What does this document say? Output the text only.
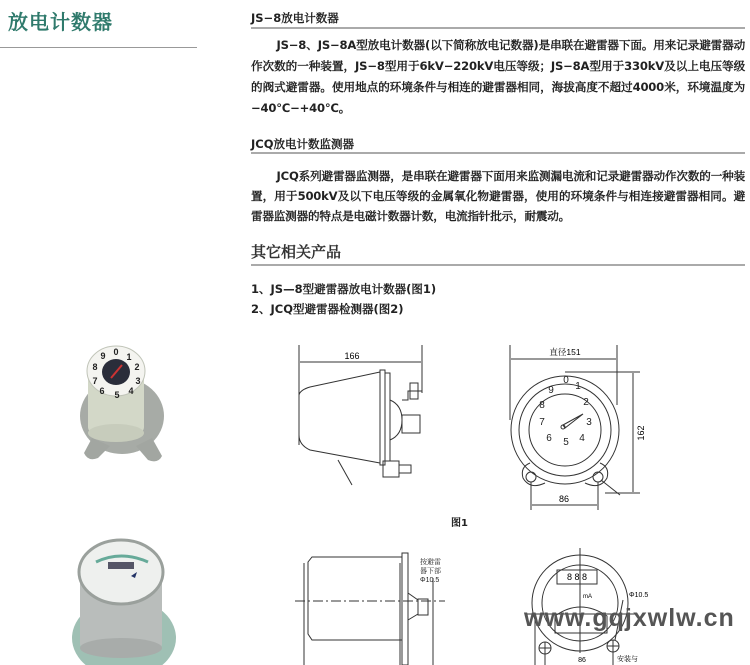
放电计数器	JS−8放电计数器
JS−8、JS−8A型放电计数器(以下简称放电记数器)是串联在避雷器下面。用来记录避雷器动作次数的一种装置，JS−8型用于6kV−220kV电压等级；JS−8A型用于330kV及以上电压等级的阀式避雷器。使用地点的环境条件与相连的避雷器相同，海拔高度不超过4000米，环境温度为−40℃−+40℃。
JCQ放电计数监测器
JCQ系列避雷器监测器，是串联在避雷器下面用来监测漏电流和记录避雷器动作次数的一种装置，用于500kV及以下电压等级的金属氧化物避雷器，使用的环境条件与相连接避雷器相同。避雷器监测器的特点是电磁计数器计数，电流指针批示，耐震动。
其它相关产品
1、JS—8型避雷器放电计数器(图1)
2、JCQ型避雷器检测器(图2)
0 1
2
3
4
5
6
7
8
9	166
0
1
2
3
4
5
6
7
8
9
直径151
162
86
图1
按避雷
器下部
Φ10.5	8 8 8
mA	Φ10.5
86	安装与
www.gqjxwlw.cn
